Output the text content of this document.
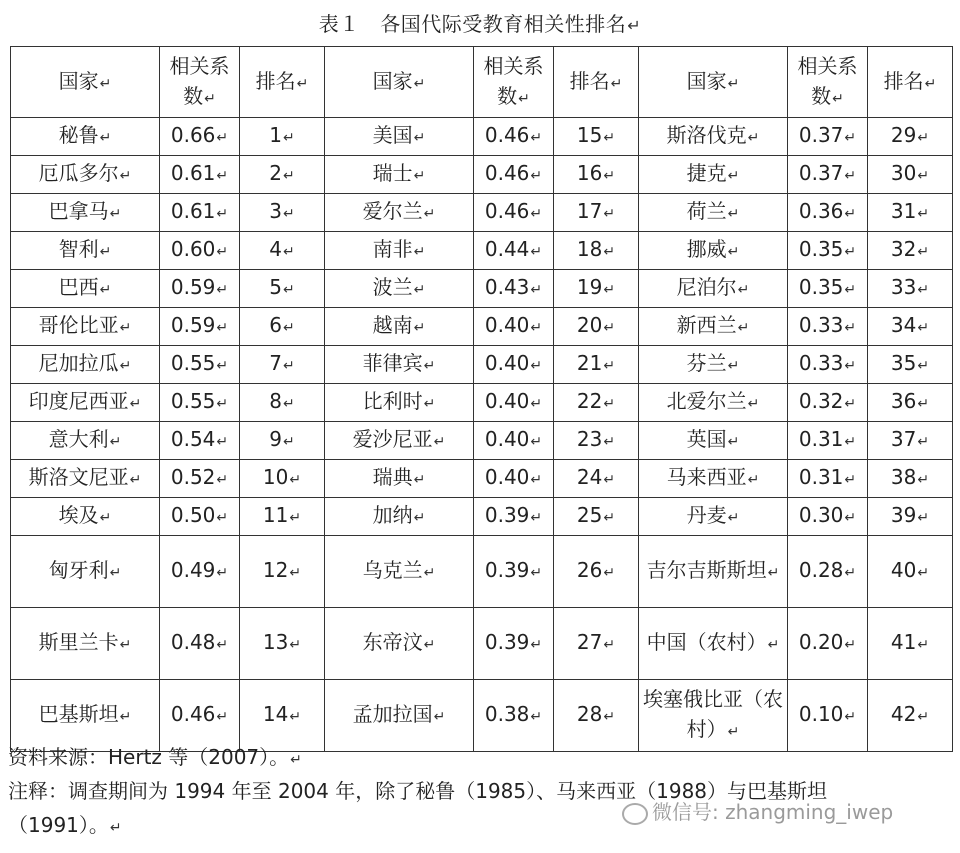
表１　各国代际受教育相关性排名↵
国家↵	相关系数↵	排名↵	国家↵	相关系数↵	排名↵	国家↵	相关系数↵	排名↵
秘鲁↵	0.66↵	1↵	美国↵	0.46↵	15↵	斯洛伐克↵	0.37↵	29↵
厄瓜多尔↵	0.61↵	2↵	瑞士↵	0.46↵	16↵	捷克↵	0.37↵	30↵
巴拿马↵	0.61↵	3↵	爱尔兰↵	0.46↵	17↵	荷兰↵	0.36↵	31↵
智利↵	0.60↵	4↵	南非↵	0.44↵	18↵	挪威↵	0.35↵	32↵
巴西↵	0.59↵	5↵	波兰↵	0.43↵	19↵	尼泊尔↵	0.35↵	33↵
哥伦比亚↵	0.59↵	6↵	越南↵	0.40↵	20↵	新西兰↵	0.33↵	34↵
尼加拉瓜↵	0.55↵	7↵	菲律宾↵	0.40↵	21↵	芬兰↵	0.33↵	35↵
印度尼西亚↵	0.55↵	8↵	比利时↵	0.40↵	22↵	北爱尔兰↵	0.32↵	36↵
意大利↵	0.54↵	9↵	爱沙尼亚↵	0.40↵	23↵	英国↵	0.31↵	37↵
斯洛文尼亚↵	0.52↵	10↵	瑞典↵	0.40↵	24↵	马来西亚↵	0.31↵	38↵
埃及↵	0.50↵	11↵	加纳↵	0.39↵	25↵	丹麦↵	0.30↵	39↵
匈牙利↵	0.49↵	12↵	乌克兰↵	0.39↵	26↵	吉尔吉斯斯坦↵	0.28↵	40↵
斯里兰卡↵	0.48↵	13↵	东帝汶↵	0.39↵	27↵	中国（农村）↵	0.20↵	41↵
巴基斯坦↵	0.46↵	14↵	孟加拉国↵	0.38↵	28↵	埃塞俄比亚（农村）↵	0.10↵	42↵
资料来源：Hertz 等（2007）。↵
注释：调查期间为 1994 年至 2004 年，除了秘鲁（1985）、马来西亚（1988）与巴基斯坦
（1991）。↵
微信号: zhangming_iwep
